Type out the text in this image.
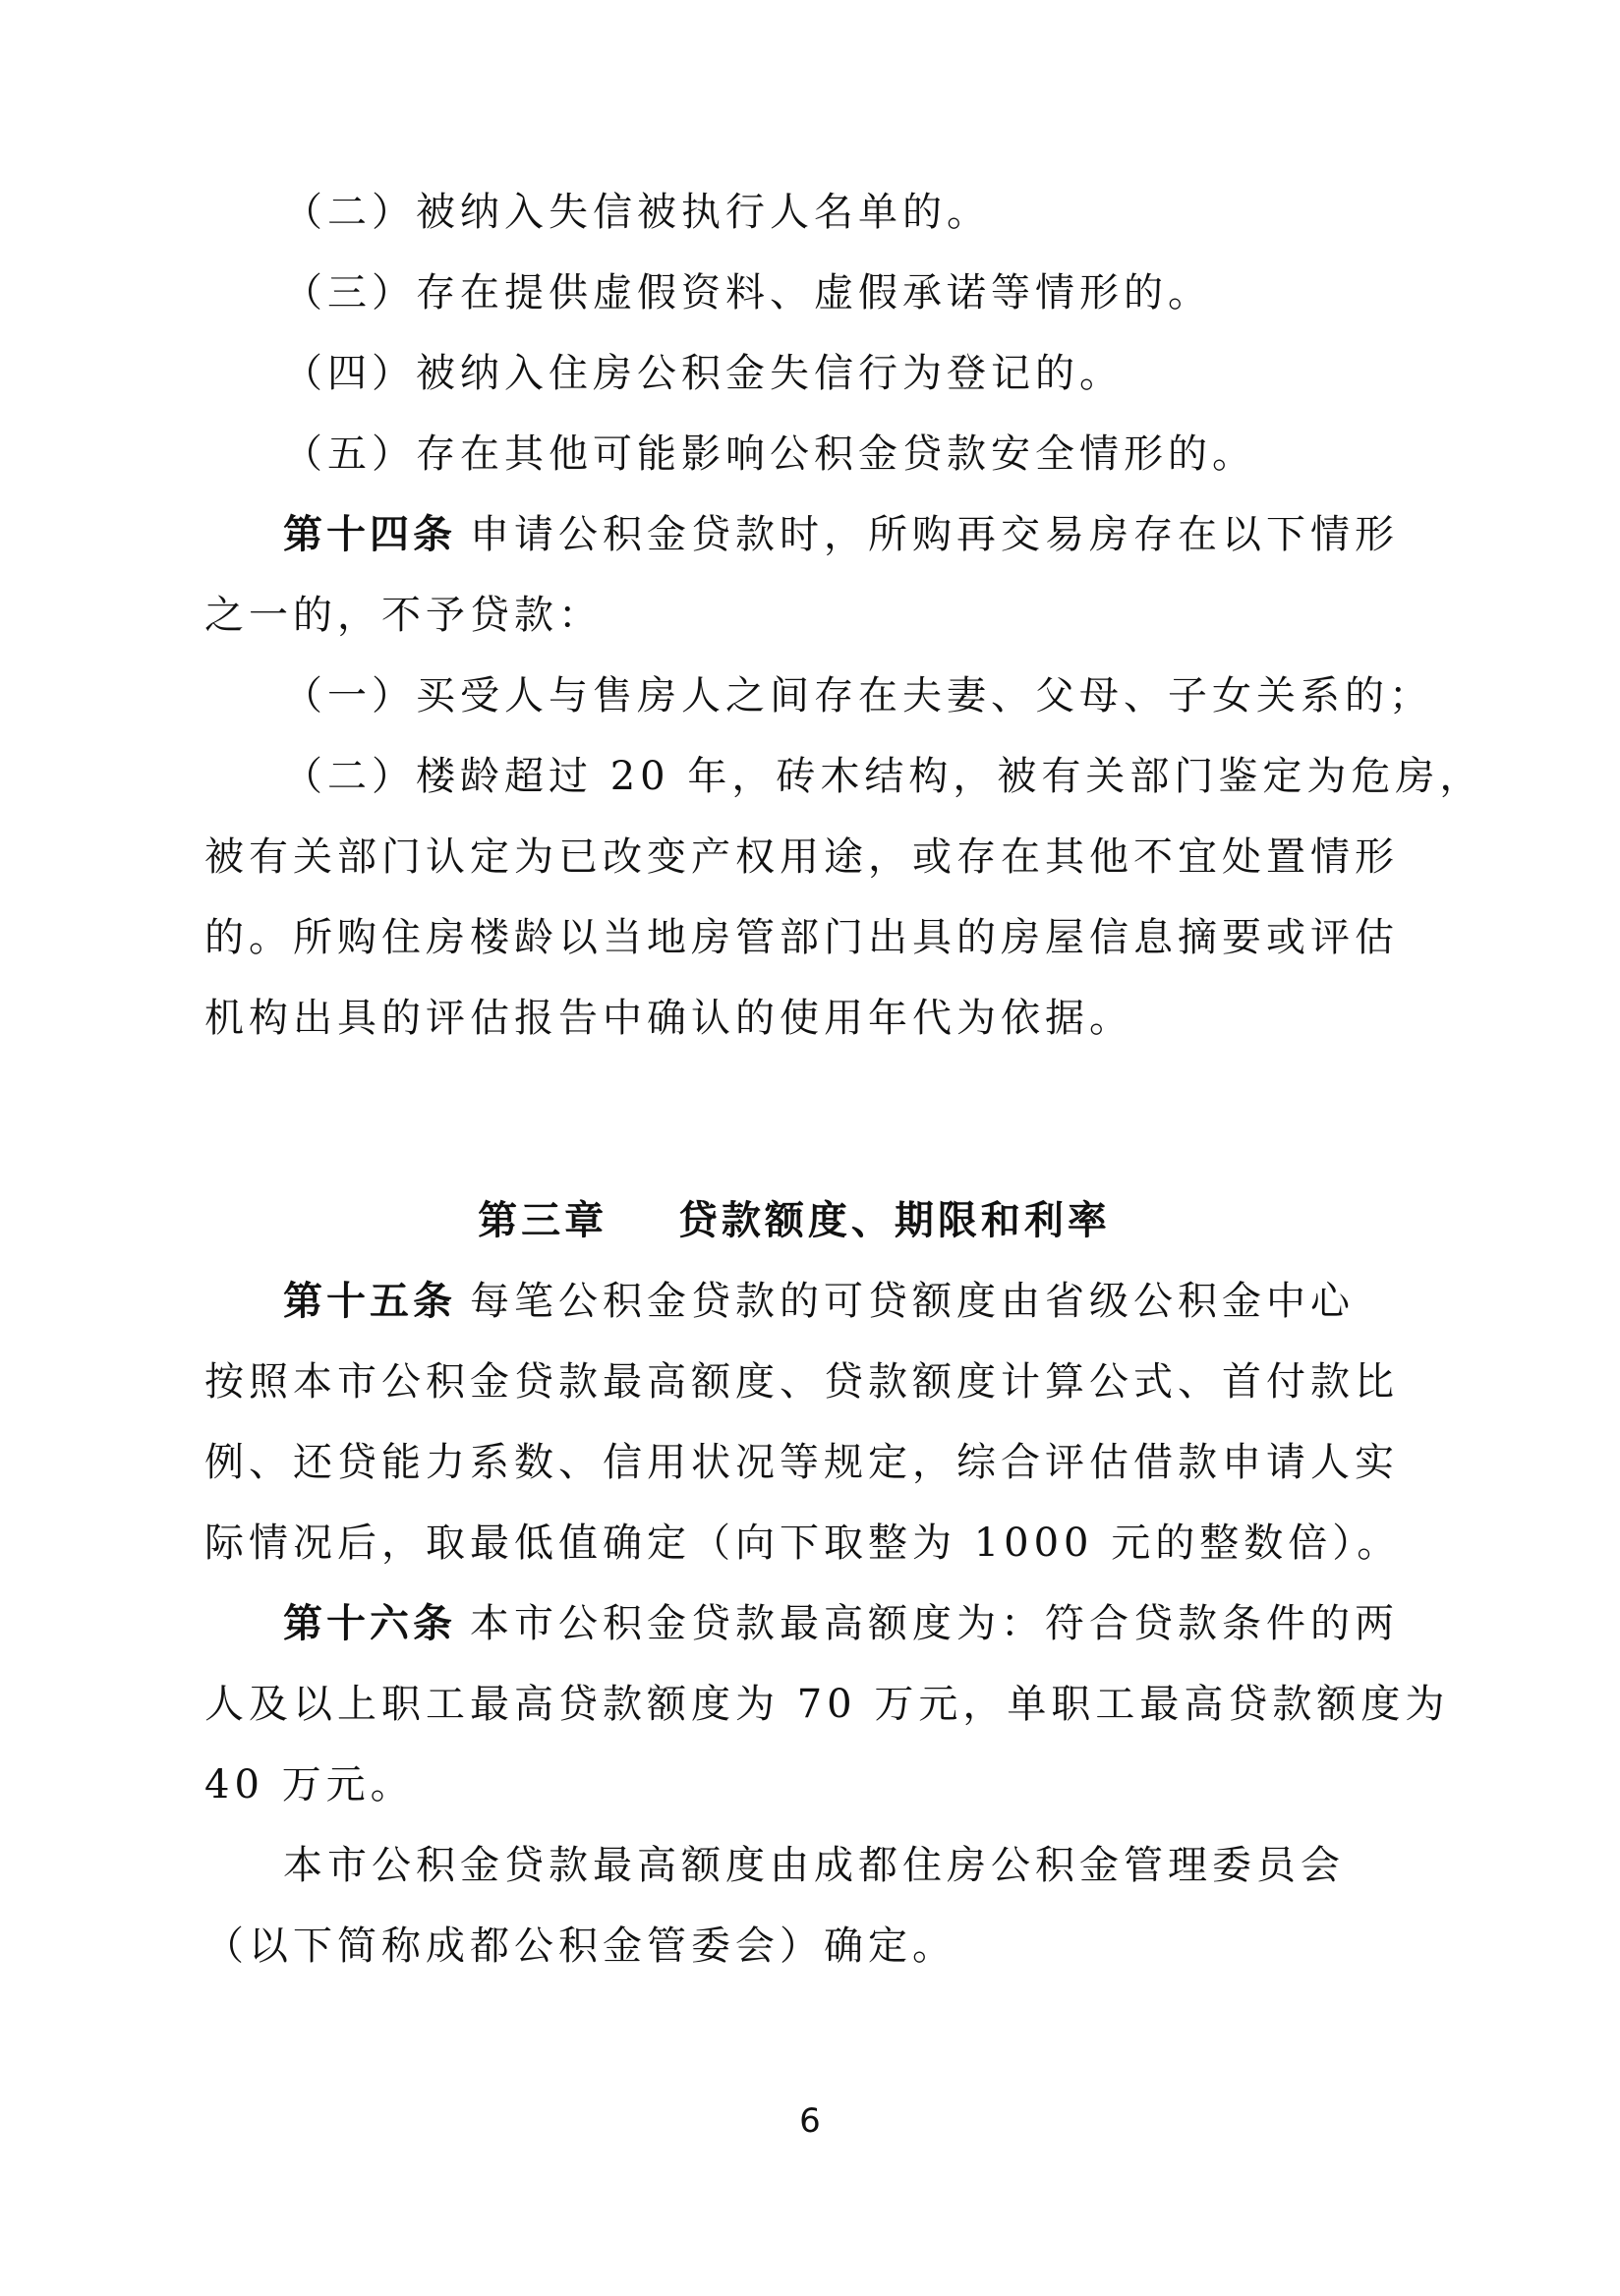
（二）被纳入失信被执行人名单的。
（三）存在提供虚假资料、虚假承诺等情形的。
（四）被纳入住房公积金失信行为登记的。
（五）存在其他可能影响公积金贷款安全情形的。
第十四条 申请公积金贷款时，所购再交易房存在以下情形
之一的，不予贷款：
（一）买受人与售房人之间存在夫妻、父母、子女关系的；
（二）楼龄超过 20 年，砖木结构，被有关部门鉴定为危房，
被有关部门认定为已改变产权用途，或存在其他不宜处置情形
的。所购住房楼龄以当地房管部门出具的房屋信息摘要或评估
机构出具的评估报告中确认的使用年代为依据。
第三章    贷款额度、期限和利率
第十五条 每笔公积金贷款的可贷额度由省级公积金中心
按照本市公积金贷款最高额度、贷款额度计算公式、首付款比
例、还贷能力系数、信用状况等规定，综合评估借款申请人实
际情况后，取最低值确定（向下取整为 1000 元的整数倍）。
第十六条 本市公积金贷款最高额度为：符合贷款条件的两
人及以上职工最高贷款额度为 70 万元，单职工最高贷款额度为
40 万元。
本市公积金贷款最高额度由成都住房公积金管理委员会
（以下简称成都公积金管委会）确定。
6
